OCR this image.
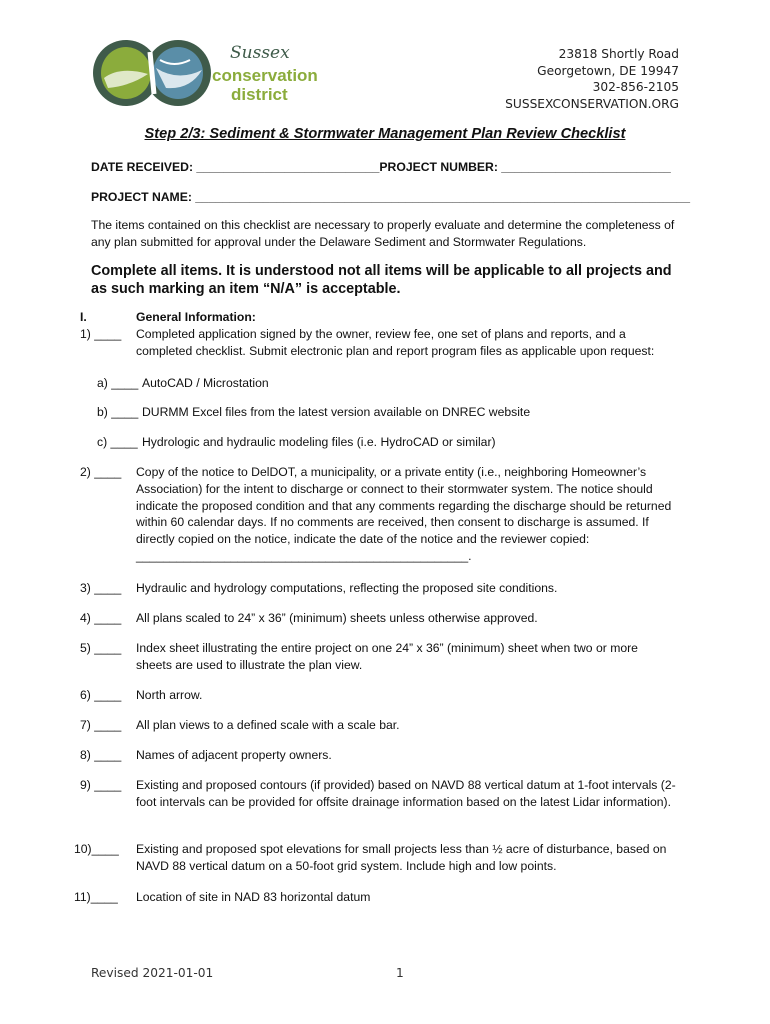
Sussex
conservation
district
23818 Shortly Road
Georgetown, DE 19947
302-856-2105
SUSSEXCONSERVATION.ORG
Step 2/3: Sediment & Stormwater Management Plan Review Checklist
DATE RECEIVED: ___________________________PROJECT NUMBER: _________________________
PROJECT NAME: _________________________________________________________________________
The items contained on this checklist are necessary to properly evaluate and determine the completeness of any plan submitted for approval under the Delaware Sediment and Stormwater Regulations.
Complete all items. It is understood not all items will be applicable to all projects and as such marking an item “N/A” is acceptable.
I.	General Information:
1) ____ Completed application signed by the owner, review fee, one set of plans and reports, and a completed checklist. Submit electronic plan and report program files as applicable upon request:
a) ____ AutoCAD / Microstation
b) ____ DURMM Excel files from the latest version available on DNREC website
c) ____ Hydrologic and hydraulic modeling files (i.e. HydroCAD or similar)
2) ____ Copy of the notice to DelDOT, a municipality, or a private entity (i.e., neighboring Homeowner’s Association) for the intent to discharge or connect to their stormwater system. The notice should indicate the proposed condition and that any comments regarding the discharge should be returned within 60 calendar days. If no comments are received, then consent to discharge is assumed. If directly copied on the notice, indicate the date of the notice and the reviewer copied: _________________________________________________.
3) ____ Hydraulic and hydrology computations, reflecting the proposed site conditions.
4) ____ All plans scaled to 24” x 36” (minimum) sheets unless otherwise approved.
5) ____ Index sheet illustrating the entire project on one 24” x 36” (minimum) sheet when two or more sheets are used to illustrate the plan view.
6) ____ North arrow.
7) ____ All plan views to a defined scale with a scale bar.
8) ____ Names of adjacent property owners.
9) ____ Existing and proposed contours (if provided) based on NAVD 88 vertical datum at 1-foot intervals (2-foot intervals can be provided for offsite drainage information based on the latest Lidar information).
10)____ Existing and proposed spot elevations for small projects less than ½ acre of disturbance, based on NAVD 88 vertical datum on a 50-foot grid system. Include high and low points.
11)____ Location of site in NAD 83 horizontal datum
Revised 2021-01-01	1
